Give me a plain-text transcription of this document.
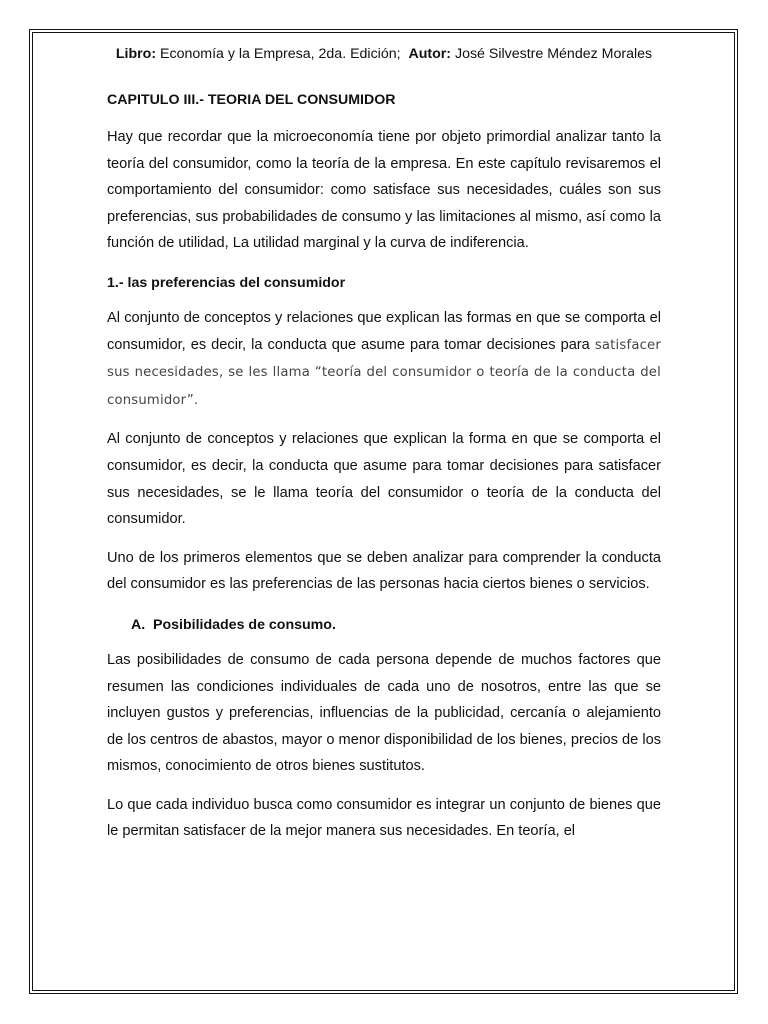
Libro: Economía y la Empresa, 2da. Edición; Autor: José Silvestre Méndez Morales
CAPITULO III.- TEORIA DEL CONSUMIDOR

Hay que recordar que la microeconomía tiene por objeto primordial analizar tanto la teoría del consumidor, como la teoría de la empresa. En este capítulo revisaremos el comportamiento del consumidor: como satisface sus necesidades, cuáles son sus preferencias, sus probabilidades de consumo y las limitaciones al mismo, así como la función de utilidad, La utilidad marginal y la curva de indiferencia.

1.- las preferencias del consumidor

Al conjunto de conceptos y relaciones que explican las formas en que se comporta el consumidor, es decir, la conducta que asume para tomar decisiones para satisfacer sus necesidades, se les llama “teoría del consumidor o teoría de la conducta del consumidor”.

Al conjunto de conceptos y relaciones que explican la forma en que se comporta el consumidor, es decir, la conducta que asume para tomar decisiones para satisfacer sus necesidades, se le llama teoría del consumidor o teoría de la conducta del consumidor.

Uno de los primeros elementos que se deben analizar para comprender la conducta del consumidor es las preferencias de las personas hacia ciertos bienes o servicios.

A. Posibilidades de consumo.

Las posibilidades de consumo de cada persona depende de muchos factores que resumen las condiciones individuales de cada uno de nosotros, entre las que se incluyen gustos y preferencias, influencias de la publicidad, cercanía o alejamiento de los centros de abastos, mayor o menor disponibilidad de los bienes, precios de los mismos, conocimiento de otros bienes sustitutos.

Lo que cada individuo busca como consumidor es integrar un conjunto de bienes que le permitan satisfacer de la mejor manera sus necesidades. En teoría, el
